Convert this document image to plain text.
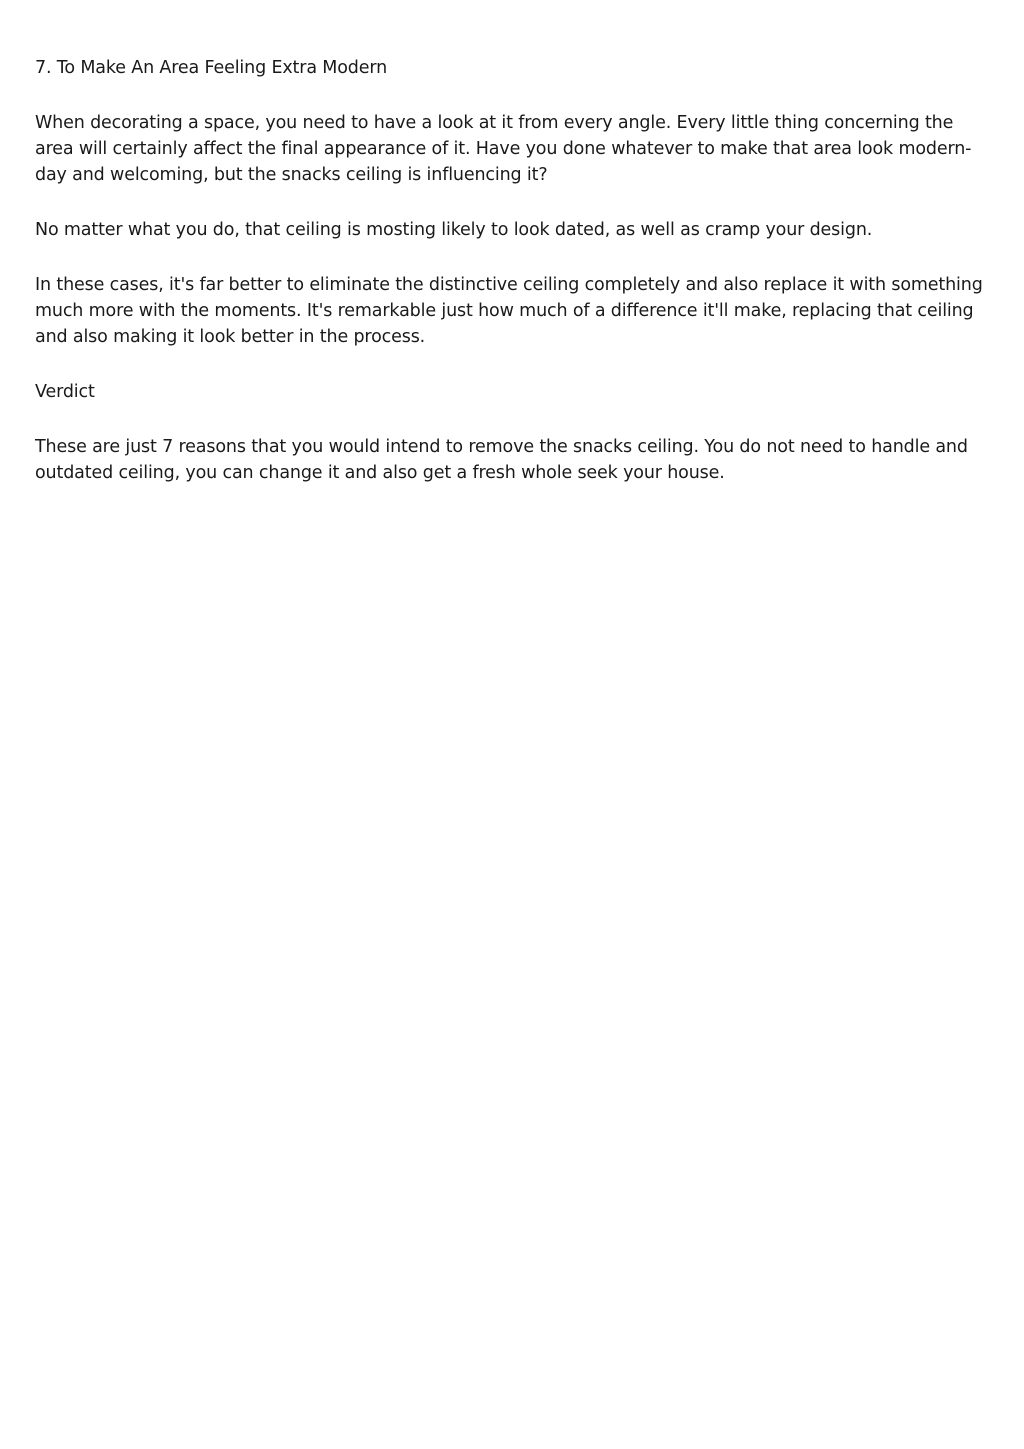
7. To Make An Area Feeling Extra Modern

When decorating a space, you need to have a look at it from every angle. Every little thing concerning the area will certainly affect the final appearance of it. Have you done whatever to make that area look modern-day and welcoming, but the snacks ceiling is influencing it?

No matter what you do, that ceiling is mosting likely to look dated, as well as cramp your design.

In these cases, it's far better to eliminate the distinctive ceiling completely and also replace it with something much more with the moments. It's remarkable just how much of a difference it'll make, replacing that ceiling and also making it look better in the process.

Verdict

These are just 7 reasons that you would intend to remove the snacks ceiling. You do not need to handle and outdated ceiling, you can change it and also get a fresh whole seek your house.
